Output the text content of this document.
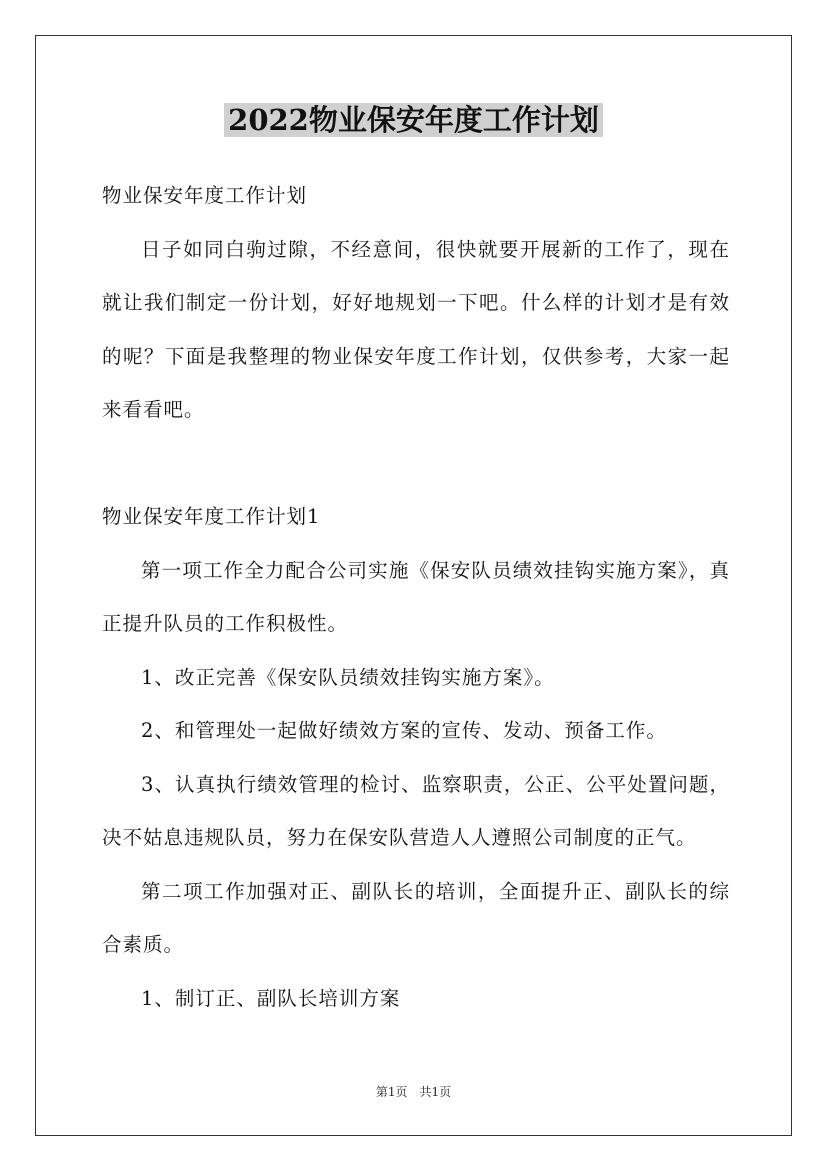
2022物业保安年度工作计划

物业保安年度工作计划

日子如同白驹过隙，不经意间，很快就要开展新的工作了，现在就让我们制定一份计划，好好地规划一下吧。什么样的计划才是有效的呢？下面是我整理的物业保安年度工作计划，仅供参考，大家一起来看看吧。

物业保安年度工作计划1

第一项工作全力配合公司实施《保安队员绩效挂钩实施方案》，真正提升队员的工作积极性。

1、改正完善《保安队员绩效挂钩实施方案》。

2、和管理处一起做好绩效方案的宣传、发动、预备工作。

3、认真执行绩效管理的检讨、监察职责，公正、公平处置问题，决不姑息违规队员，努力在保安队营造人人遵照公司制度的正气。

第二项工作加强对正、副队长的培训，全面提升正、副队长的综合素质。

1、制订正、副队长培训方案

第1页　共1页
